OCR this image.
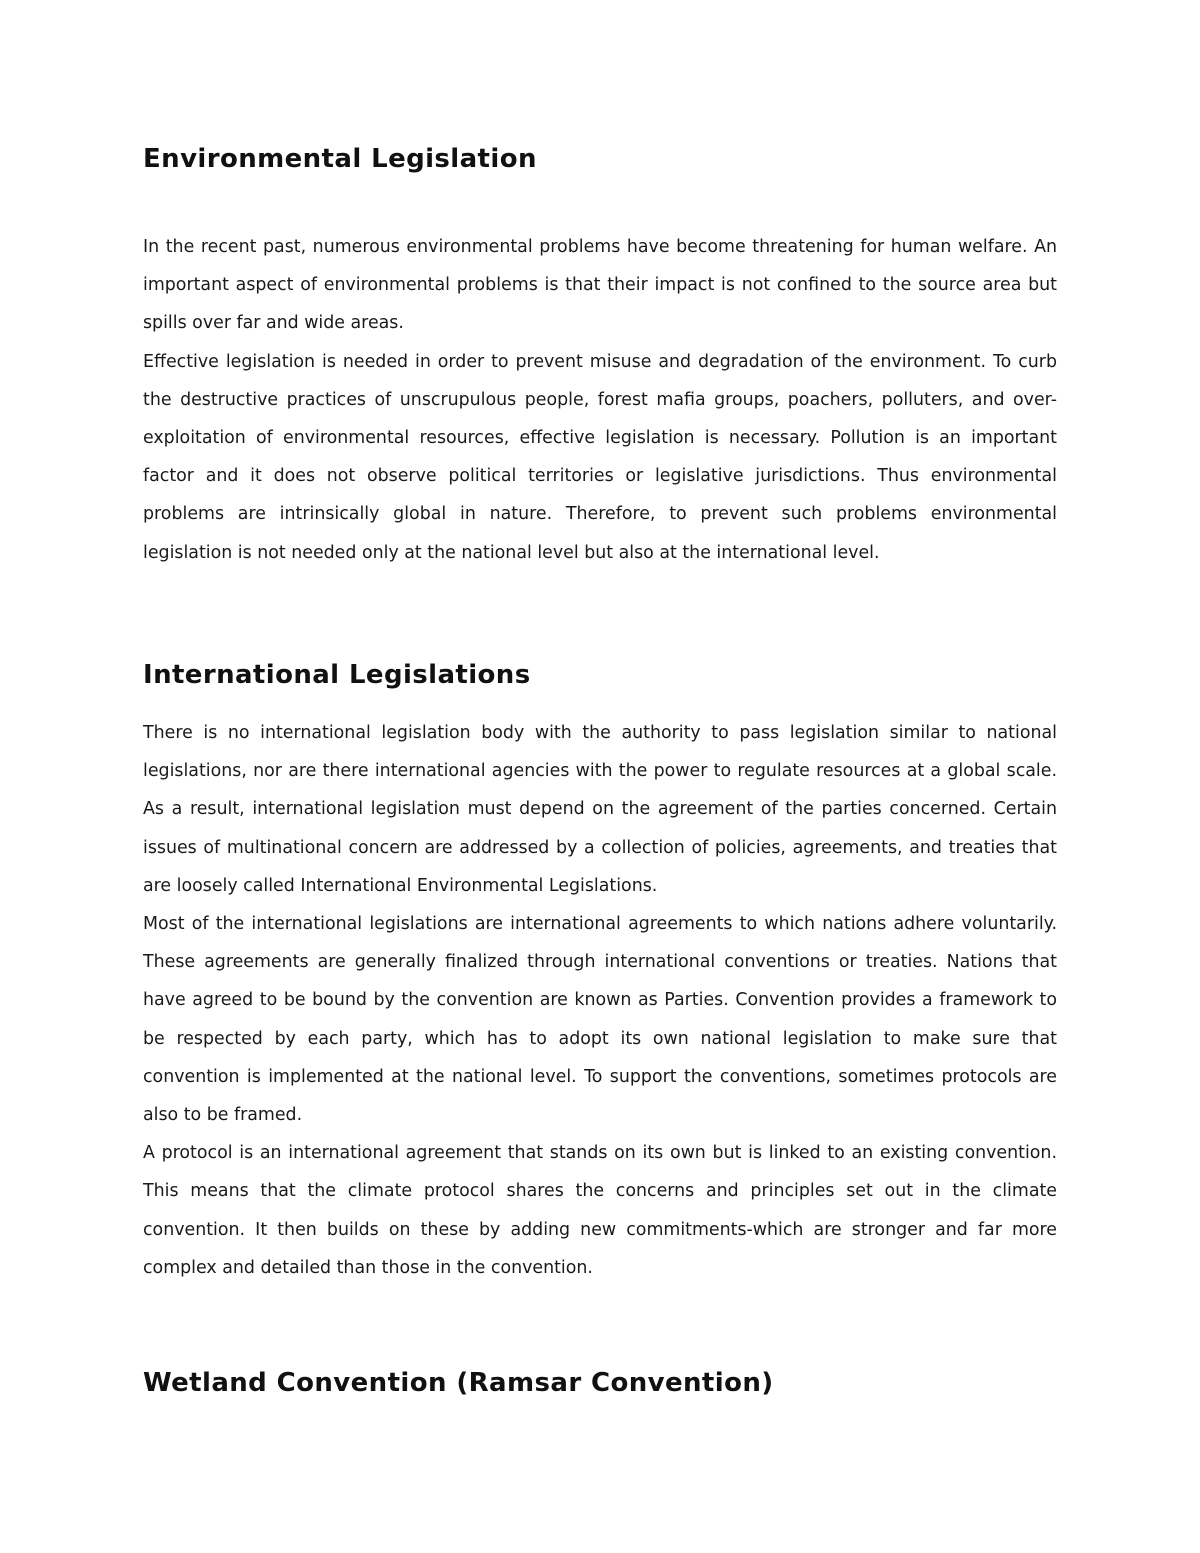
Environmental Legislation

In the recent past, numerous environmental problems have become threatening for human welfare. An important aspect of environmental problems is that their impact is not confined to the source area but spills over far and wide areas.

Effective legislation is needed in order to prevent misuse and degradation of the environment. To curb the destructive practices of unscrupulous people, forest mafia groups, poachers, polluters, and over-exploitation of environmental resources, effective legislation is necessary. Pollution is an important factor and it does not observe political territories or legislative jurisdictions. Thus environmental problems are intrinsically global in nature. Therefore, to prevent such problems environmental legislation is not needed only at the national level but also at the international level.

International Legislations

There is no international legislation body with the authority to pass legislation similar to national legislations, nor are there international agencies with the power to regulate resources at a global scale. As a result, international legislation must depend on the agreement of the parties concerned. Certain issues of multinational concern are addressed by a collection of policies, agreements, and treaties that are loosely called International Environmental Legislations.

Most of the international legislations are international agreements to which nations adhere voluntarily. These agreements are generally finalized through international conventions or treaties. Nations that have agreed to be bound by the convention are known as Parties. Convention provides a framework to be respected by each party, which has to adopt its own national legislation to make sure that convention is implemented at the national level. To support the conventions, sometimes protocols are also to be framed.

A protocol is an international agreement that stands on its own but is linked to an existing convention. This means that the climate protocol shares the concerns and principles set out in the climate convention. It then builds on these by adding new commitments-which are stronger and far more complex and detailed than those in the convention.

Wetland Convention (Ramsar Convention)
